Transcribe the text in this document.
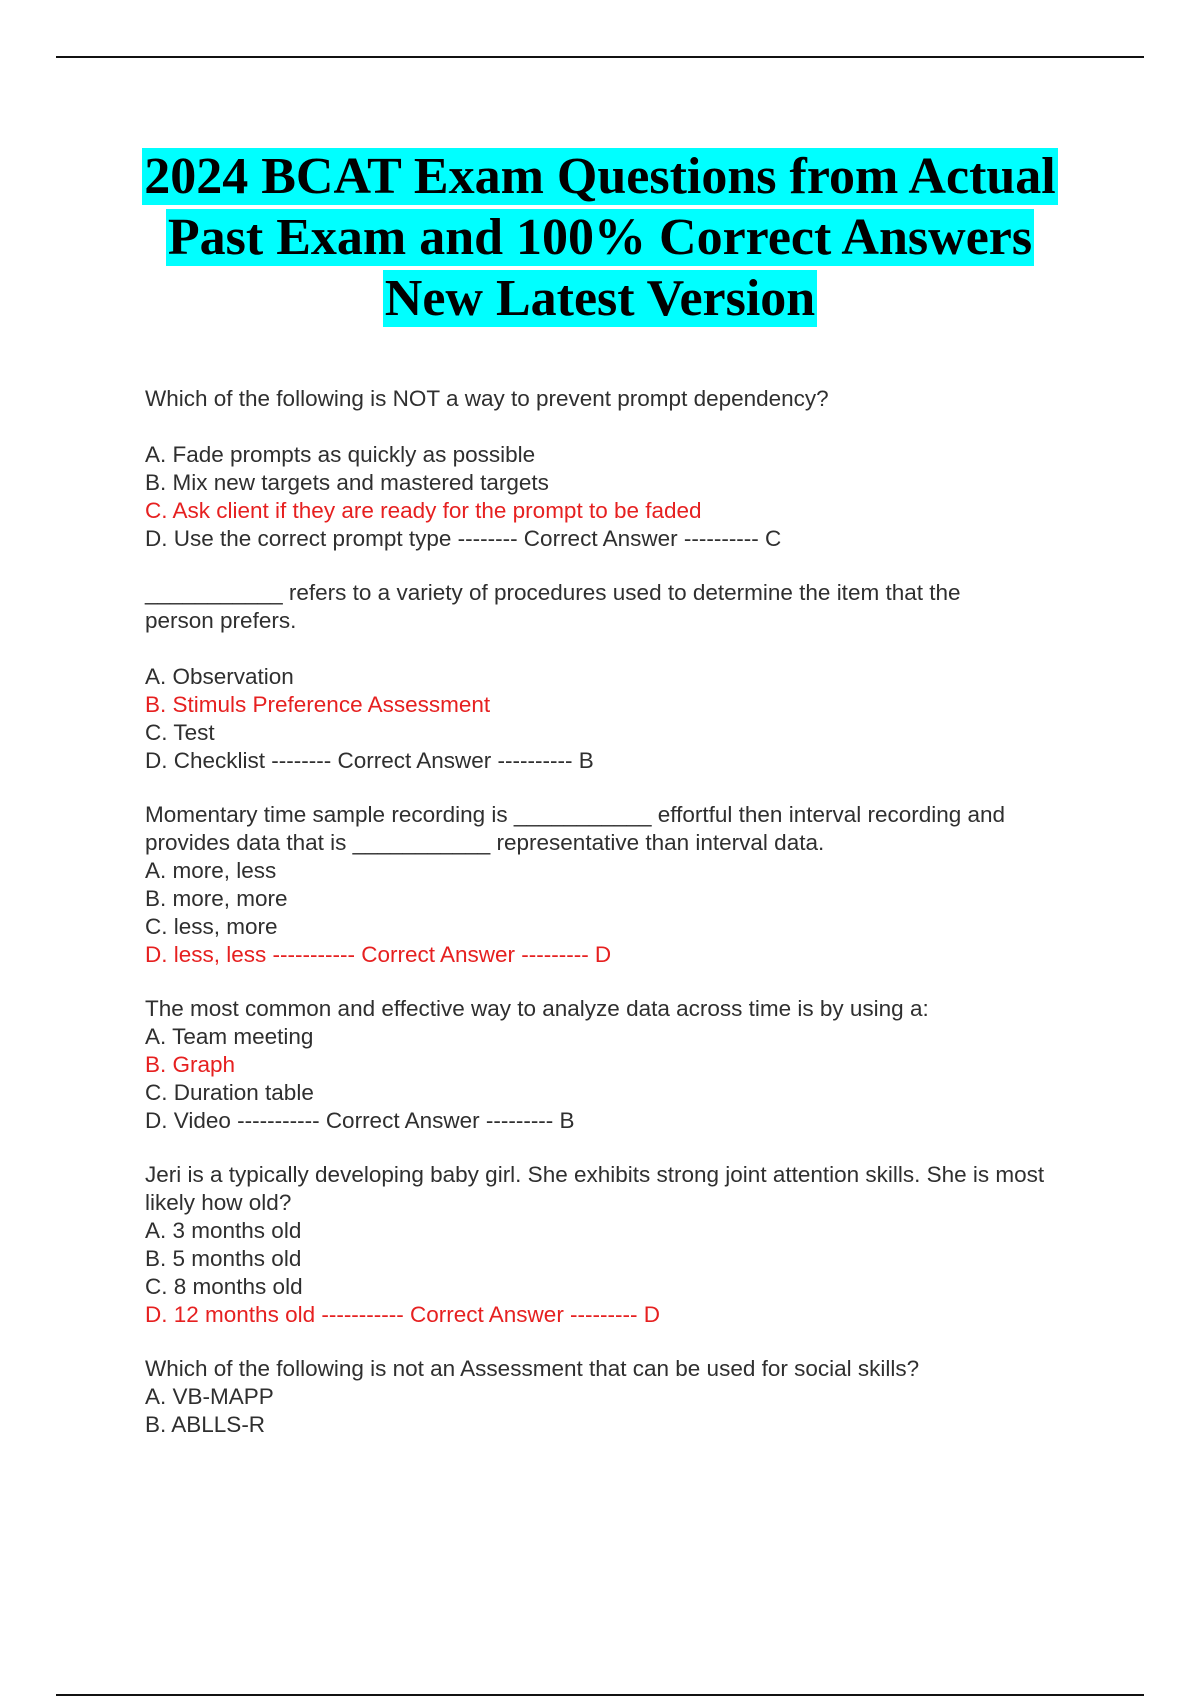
2024 BCAT Exam Questions from Actual
Past Exam and 100% Correct Answers
New Latest Version
Which of the following is NOT a way to prevent prompt dependency?
A. Fade prompts as quickly as possible
B. Mix new targets and mastered targets
C. Ask client if they are ready for the prompt to be faded
D. Use the correct prompt type -------- Correct Answer ---------- C
___________ refers to a variety of procedures used to determine the item that the person prefers.
A. Observation
B. Stimuls Preference Assessment
C. Test
D. Checklist -------- Correct Answer ---------- B
Momentary time sample recording is ___________ effortful then interval recording and provides data that is ___________ representative than interval data.
A. more, less
B. more, more
C. less, more
D. less, less ----------- Correct Answer --------- D
The most common and effective way to analyze data across time is by using a:
A. Team meeting
B. Graph
C. Duration table
D. Video ----------- Correct Answer --------- B
Jeri is a typically developing baby girl. She exhibits strong joint attention skills. She is most likely how old?
A. 3 months old
B. 5 months old
C. 8 months old
D. 12 months old ----------- Correct Answer --------- D
Which of the following is not an Assessment that can be used for social skills?
A. VB-MAPP
B. ABLLS-R
